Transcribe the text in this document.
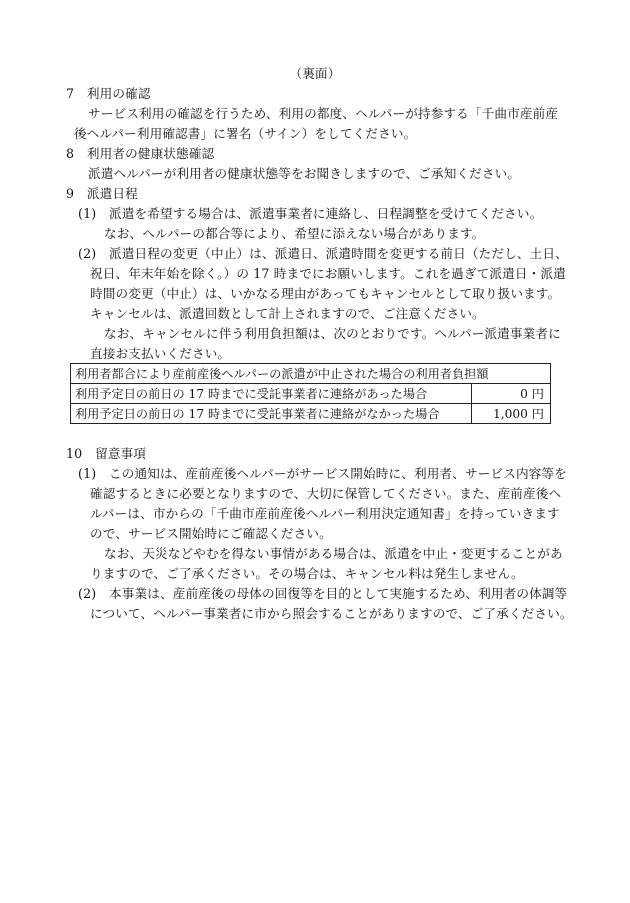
（裏面）
7　利用の確認
サービス利用の確認を行うため、利用の都度、ヘルパーが持参する「千曲市産前産
後ヘルパー利用確認書」に署名（サイン）をしてください。
8　利用者の健康状態確認
派遣ヘルパーが利用者の健康状態等をお聞きしますので、ご承知ください。
9　派遣日程
(1)　派遣を希望する場合は、派遣事業者に連絡し、日程調整を受けてください。
なお、ヘルパーの都合等により、希望に添えない場合があります。
(2)　派遣日程の変更（中止）は、派遣日、派遣時間を変更する前日（ただし、土日、
祝日、年末年始を除く。）の 17 時までにお願いします。これを過ぎて派遣日・派遣
時間の変更（中止）は、いかなる理由があってもキャンセルとして取り扱います。
キャンセルは、派遣回数として計上されますので、ご注意ください。
なお、キャンセルに伴う利用負担額は、次のとおりです。ヘルパー派遣事業者に
直接お支払いください。
利用者都合により産前産後ヘルパーの派遣が中止された場合の利用者負担額	
利用予定日の前日の 17 時までに受託事業者に連絡があった場合	0 円
利用予定日の前日の 17 時までに受託事業者に連絡がなかった場合	1,000 円
10　留意事項
(1)　この通知は、産前産後ヘルパーがサービス開始時に、利用者、サービス内容等を
確認するときに必要となりますので、大切に保管してください。また、産前産後ヘ
ルパーは、市からの「千曲市産前産後ヘルパー利用決定通知書」を持っていきます
ので、サービス開始時にご確認ください。
なお、天災などやむを得ない事情がある場合は、派遣を中止・変更することがあ
りますので、ご了承ください。その場合は、キャンセル料は発生しません。
(2)　本事業は、産前産後の母体の回復等を目的として実施するため、利用者の体調等
について、ヘルパー事業者に市から照会することがありますので、ご了承ください。
